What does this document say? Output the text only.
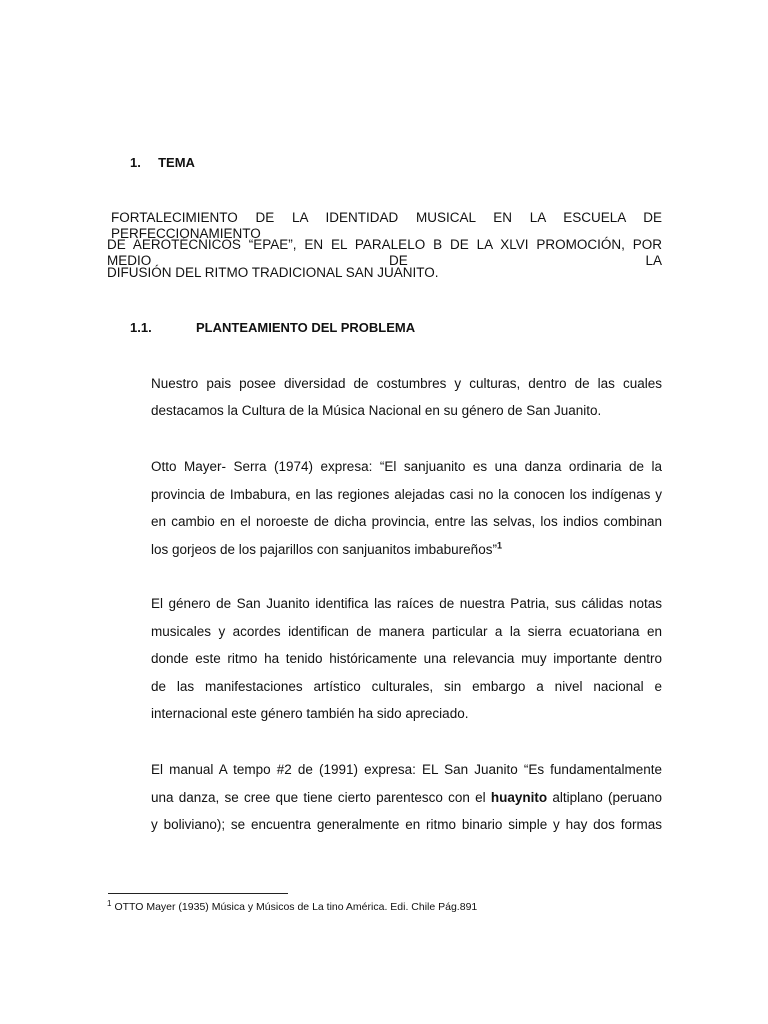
1. TEMA
FORTALECIMIENTO DE LA IDENTIDAD MUSICAL EN LA ESCUELA DE PERFECCIONAMIENTO
DE AEROTÉCNICOS “EPAE”, EN EL PARALELO B DE LA XLVI PROMOCIÓN, POR MEDIO DE LA
DIFUSIÓN DEL RITMO TRADICIONAL SAN JUANITO.
1.1.	PLANTEAMIENTO DEL PROBLEMA
Nuestro pais posee diversidad de costumbres y culturas, dentro de las cuales
destacamos la Cultura de la Música Nacional en su género de San Juanito.
Otto Mayer- Serra (1974) expresa: “El sanjuanito es una danza ordinaria de la
provincia de Imbabura, en las regiones alejadas casi no la conocen los indígenas y
en cambio en el noroeste de dicha provincia, entre las selvas, los indios combinan
los gorjeos de los pajarillos con sanjuanitos imbabureños”$^1$
El género de San Juanito identifica las raíces de nuestra Patria, sus cálidas notas
musicales y acordes identifican de manera particular a la sierra ecuatoriana en
donde este ritmo ha tenido históricamente una relevancia muy importante dentro
de las manifestaciones artístico culturales, sin embargo a nivel nacional e
internacional este género también ha sido apreciado.
El manual A tempo #2 de (1991) expresa: EL San Juanito “Es fundamentalmente
una danza, se cree que tiene cierto parentesco con el huaynito altiplano (peruano
y boliviano); se encuentra generalmente en ritmo binario simple y hay dos formas
$^1$ OTTO Mayer (1935) Música y Músicos de La tino América. Edi. Chile Pág.891
